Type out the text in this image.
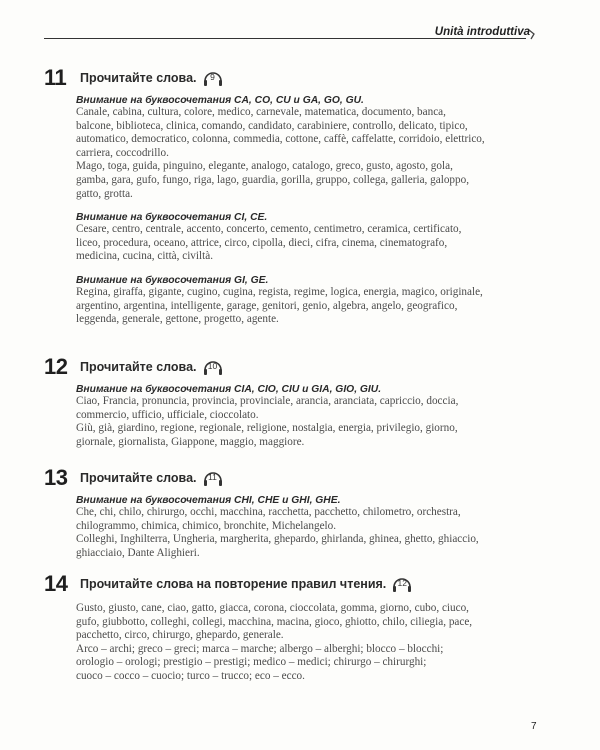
Unità introduttiva
11	Прочитайте слова.	9
Внимание на буквосочетания CA, CO, CU и GA, GO, GU.
Canale, cabina, cultura, colore, medico, carnevale, matematica, documento, banca,
balcone, biblioteca, clinica, comando, candidato, carabiniere, controllo, delicato, tipico,
automatico, democratico, colonna, commedia, cottone, caffè, caffelatte, corridoio, elettrico,
carriera, coccodrillo.
Mago, toga, guida, pinguino, elegante, analogo, catalogo, greco, gusto, agosto, gola,
gamba, gara, gufo, fungo, riga, lago, guardia, gorilla, gruppo, collega, galleria, galoppo,
gatto, grotta.
Внимание на буквосочетания CI, CE.
Cesare, centro, centrale, accento, concerto, cemento, centimetro, ceramica, certificato,
liceo, procedura, oceano, attrice, circo, cipolla, dieci, cifra, cinema, cinematografo,
medicina, cucina, città, civiltà.
Внимание на буквосочетания GI, GE.
Regina, giraffa, gigante, cugino, cugina, regista, regime, logica, energia, magico, originale,
argentino, argentina, intelligente, garage, genitori, genio, algebra, angelo, geografico,
leggenda, generale, gettone, progetto, agente.
12	Прочитайте слова.	10
Внимание на буквосочетания CIA, CIO, CIU и GIA, GIO, GIU.
Ciao, Francia, pronuncia, provincia, provinciale, arancia, aranciata, capriccio, doccia,
commercio, ufficio, ufficiale, cioccolato.
Giù, già, giardino, regione, regionale, religione, nostalgia, energia, privilegio, giorno,
giornale, giornalista, Giappone, maggio, maggiore.
13	Прочитайте слова.	11
Внимание на буквосочетания CHI, CHE и GHI, GHE.
Che, chi, chilo, chirurgo, occhi, macchina, racchetta, pacchetto, chilometro, orchestra,
chilogrammo, chimica, chimico, bronchite, Michelangelo.
Colleghi, Inghilterra, Ungheria, margherita, ghepardo, ghirlanda, ghinea, ghetto, ghiaccio,
ghiacciaio, Dante Alighieri.
14	Прочитайте слова на повторение правил чтения.	12
Gusto, giusto, cane, ciao, gatto, giacca, corona, cioccolata, gomma, giorno, cubo, ciuco,
gufo, giubbotto, colleghi, collegi, macchina, macina, gioco, ghiotto, chilo, ciliegia, pace,
pacchetto, circo, chirurgo, ghepardo, generale.
Arco – archi; greco – greci; marca – marche; albergo – alberghi; blocco – blocchi;
orologio – orologi; prestigio – prestigi; medico – medici; chirurgo – chirurghi;
cuoco – cocco – cuocio; turco – trucco; eco – ecco.
7
